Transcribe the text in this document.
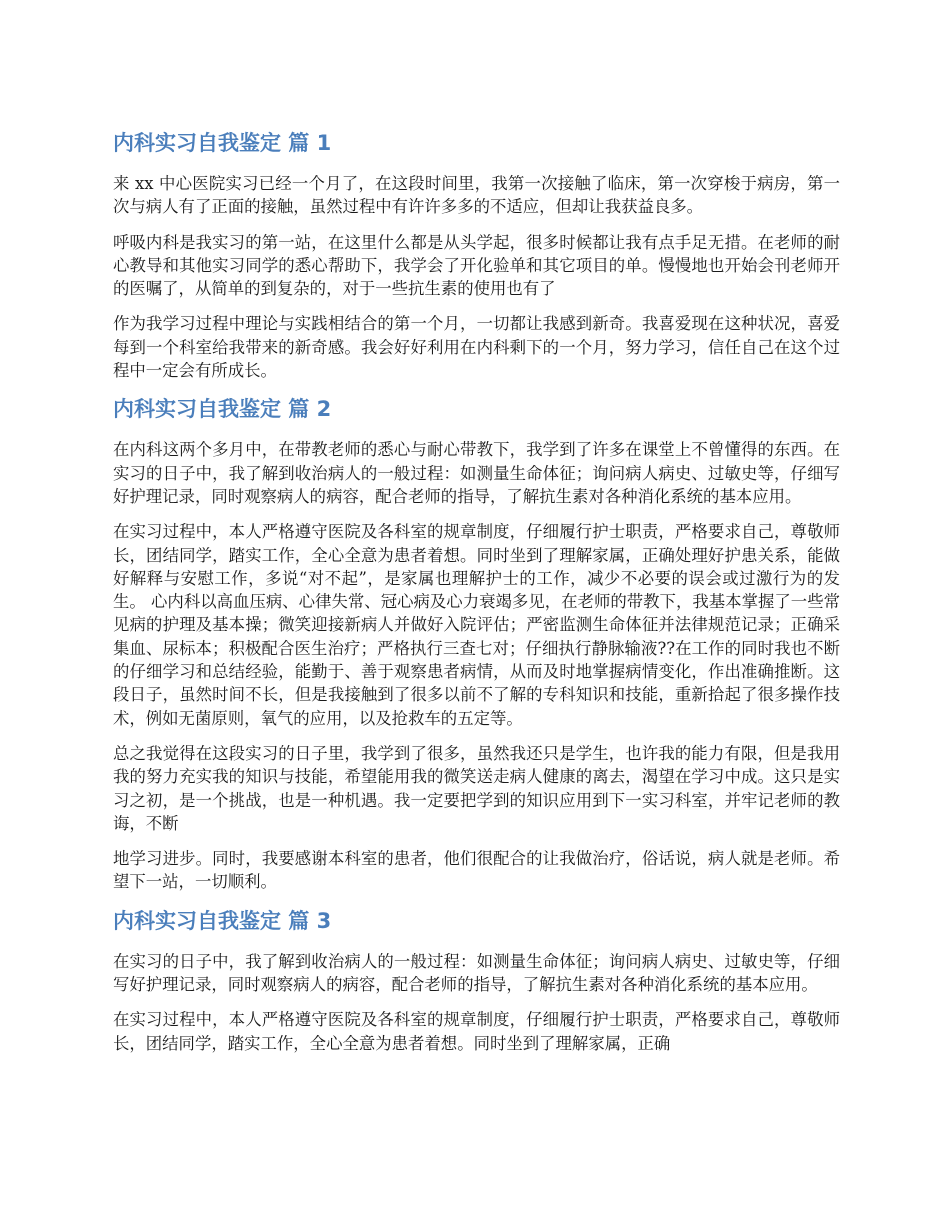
内科实习自我鉴定 篇 1

来 xx 中心医院实习已经一个月了，在这段时间里，我第一次接触了临床，第一次穿梭于病房，第一次与病人有了正面的接触，虽然过程中有许许多多的不适应，但却让我获益良多。

呼吸内科是我实习的第一站，在这里什么都是从头学起，很多时候都让我有点手足无措。在老师的耐心教导和其他实习同学的悉心帮助下，我学会了开化验单和其它项目的单。慢慢地也开始会刊老师开的医嘱了，从简单的到复杂的，对于一些抗生素的使用也有了

作为我学习过程中理论与实践相结合的第一个月，一切都让我感到新奇。我喜爱现在这种状况，喜爱每到一个科室给我带来的新奇感。我会好好利用在内科剩下的一个月，努力学习，信任自己在这个过程中一定会有所成长。

内科实习自我鉴定 篇 2

在内科这两个多月中，在带教老师的悉心与耐心带教下，我学到了许多在课堂上不曾懂得的东西。在实习的日子中，我了解到收治病人的一般过程：如测量生命体征；询问病人病史、过敏史等，仔细写好护理记录，同时观察病人的病容，配合老师的指导，了解抗生素对各种消化系统的基本应用。

在实习过程中，本人严格遵守医院及各科室的规章制度，仔细履行护士职责，严格要求自己，尊敬师长，团结同学，踏实工作，全心全意为患者着想。同时坐到了理解家属，正确处理好护患关系，能做好解释与安慰工作，多说“对不起”，是家属也理解护士的工作，减少不必要的误会或过激行为的发生。 心内科以高血压病、心律失常、冠心病及心力衰竭多见，在老师的带教下，我基本掌握了一些常见病的护理及基本操；微笑迎接新病人并做好入院评估；严密监测生命体征并法律规范记录；正确采集血、尿标本；积极配合医生治疗；严格执行三查七对；仔细执行静脉输液??在工作的同时我也不断的仔细学习和总结经验，能勤于、善于观察患者病情，从而及时地掌握病情变化，作出准确推断。这段日子，虽然时间不长，但是我接触到了很多以前不了解的专科知识和技能，重新拾起了很多操作技术，例如无菌原则，氧气的应用，以及抢救车的五定等。

总之我觉得在这段实习的日子里，我学到了很多，虽然我还只是学生，也许我的能力有限，但是我用我的努力充实我的知识与技能，希望能用我的微笑送走病人健康的离去，渴望在学习中成。这只是实习之初，是一个挑战，也是一种机遇。我一定要把学到的知识应用到下一实习科室，并牢记老师的教诲，不断

地学习进步。同时，我要感谢本科室的患者，他们很配合的让我做治疗，俗话说，病人就是老师。希望下一站，一切顺利。

内科实习自我鉴定 篇 3

在实习的日子中，我了解到收治病人的一般过程：如测量生命体征；询问病人病史、过敏史等，仔细写好护理记录，同时观察病人的病容，配合老师的指导，了解抗生素对各种消化系统的基本应用。

在实习过程中，本人严格遵守医院及各科室的规章制度，仔细履行护士职责，严格要求自己，尊敬师长，团结同学，踏实工作，全心全意为患者着想。同时坐到了理解家属，正确
